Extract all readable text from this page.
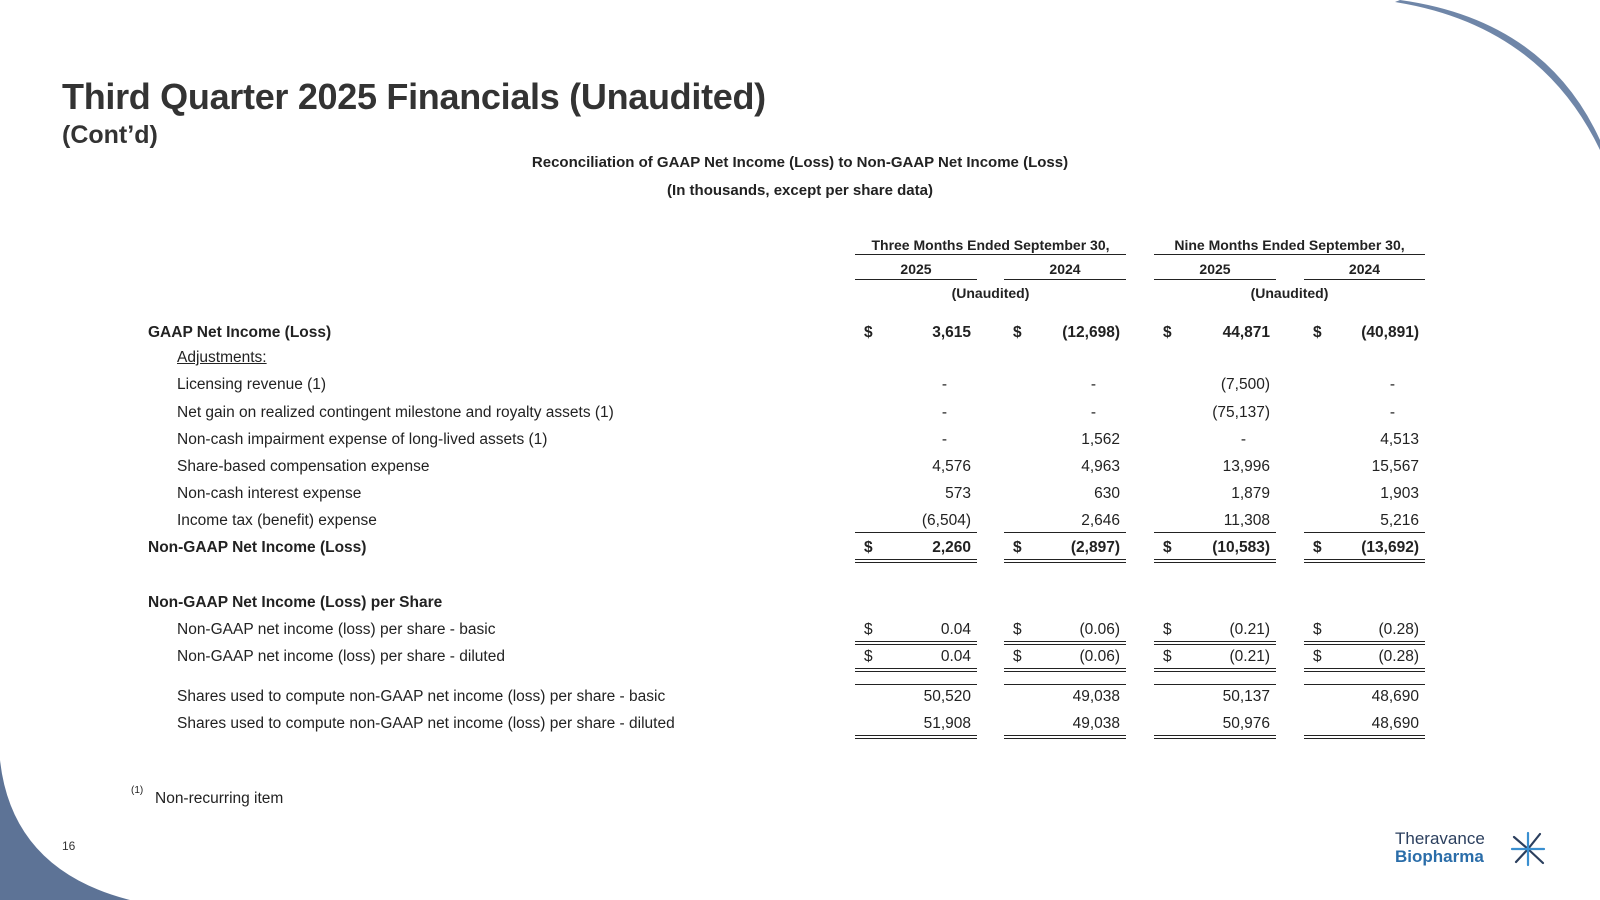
Third Quarter 2025 Financials (Unaudited)
(Cont’d)
Reconciliation of GAAP Net Income (Loss) to Non-GAAP Net Income (Loss)
(In thousands, except per share data)
Three Months Ended September 30,
(Unaudited)
Nine Months Ended September 30,
(Unaudited)
2025	2024	2025	2024
GAAP Net Income (Loss)	$	3,615	$	(12,698)	$	44,871	$	(40,891)
Adjustments:
Licensing revenue (1)	-	-	(7,500)	-
Net gain on realized contingent milestone and royalty assets (1)	-	-	(75,137)	-
Non-cash impairment expense of long-lived assets (1)	-	1,562	-	4,513
Share-based compensation expense	4,576	4,963	13,996	15,567
Non-cash interest expense	573	630	1,879	1,903
Income tax (benefit) expense	(6,504)	2,646	11,308	5,216
Non-GAAP Net Income (Loss)	$	2,260	$	(2,897)	$	(10,583)	$	(13,692)
Non-GAAP Net Income (Loss) per Share
Non-GAAP net income (loss) per share - basic	$	0.04	$	(0.06)	$	(0.21)	$	(0.28)
Non-GAAP net income (loss) per share - diluted	$	0.04	$	(0.06)	$	(0.21)	$	(0.28)
Shares used to compute non-GAAP net income (loss) per share - basic	50,520	49,038	50,137	48,690
Shares used to compute non-GAAP net income (loss) per share - diluted	51,908	49,038	50,976	48,690
(1) Non-recurring item
16	Theravance
Biopharma
